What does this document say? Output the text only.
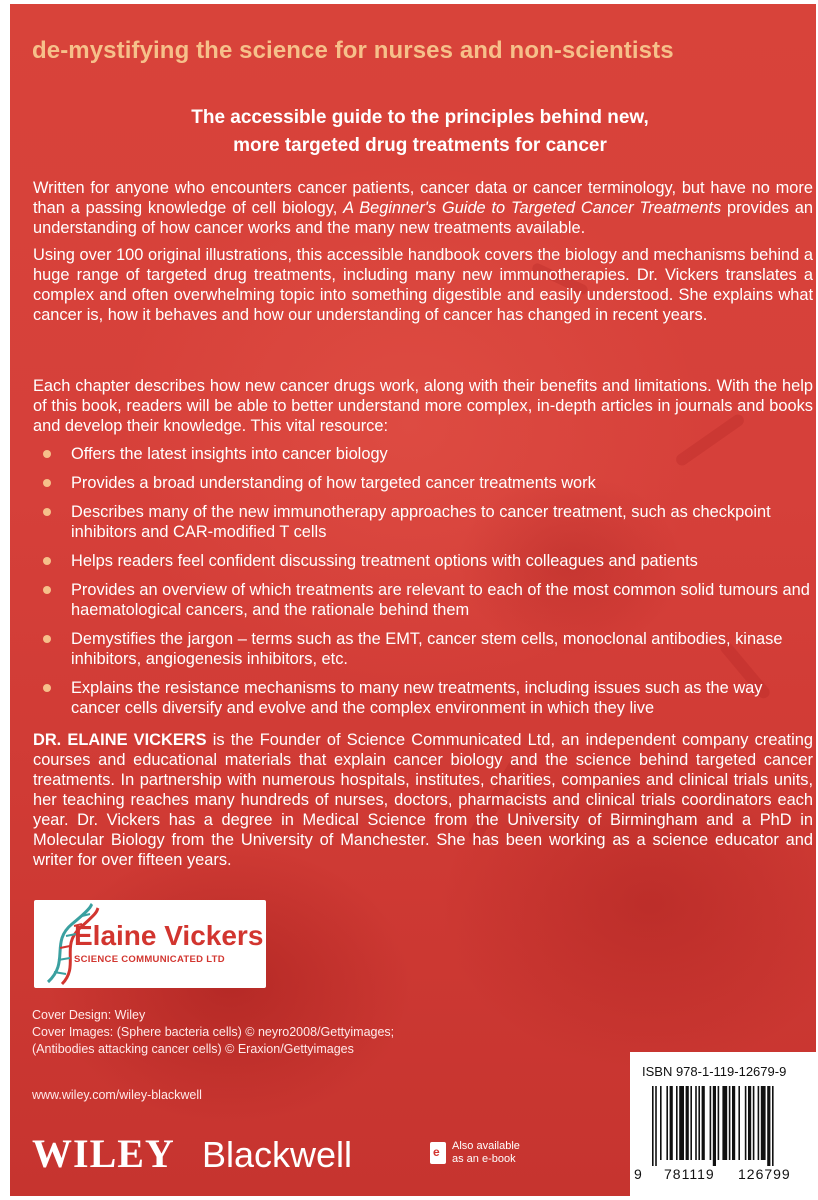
de-mystifying the science for nurses and non-scientists
The accessible guide to the principles behind new,
more targeted drug treatments for cancer

Written for anyone who encounters cancer patients, cancer data or cancer terminology, but have no more than a passing knowledge of cell biology, A Beginner's Guide to Targeted Cancer Treatments provides an understanding of how cancer works and the many new treatments available.

Using over 100 original illustrations, this accessible handbook covers the biology and mechanisms behind a huge range of targeted drug treatments, including many new immunotherapies. Dr. Vickers translates a complex and often overwhelming topic into something digestible and easily understood. She explains what cancer is, how it behaves and how our understanding of cancer has changed in recent years.

Each chapter describes how new cancer drugs work, along with their benefits and limitations. With the help of this book, readers will be able to better understand more complex, in-depth articles in journals and books and develop their knowledge. This vital resource:

Offers the latest insights into cancer biology
Provides a broad understanding of how targeted cancer treatments work
Describes many of the new immunotherapy approaches to cancer treatment, such as checkpoint inhibitors and CAR-modified T cells
Helps readers feel confident discussing treatment options with colleagues and patients
Provides an overview of which treatments are relevant to each of the most common solid tumours and haematological cancers, and the rationale behind them
Demystifies the jargon – terms such as the EMT, cancer stem cells, monoclonal antibodies, kinase inhibitors, angiogenesis inhibitors, etc.
Explains the resistance mechanisms to many new treatments, including issues such as the way cancer cells diversify and evolve and the complex environment in which they live

DR. ELAINE VICKERS is the Founder of Science Communicated Ltd, an independent company creating courses and educational materials that explain cancer biology and the science behind targeted cancer treatments. In partnership with numerous hospitals, institutes, charities, companies and clinical trials units, her teaching reaches many hundreds of nurses, doctors, pharmacists and clinical trials coordinators each year. Dr. Vickers has a degree in Medical Science from the University of Birmingham and a PhD in Molecular Biology from the University of Manchester. She has been working as a science educator and writer for over fifteen years.

Elaine Vickers
SCIENCE COMMUNICATED LTD
Cover Design: Wiley
Cover Images: (Sphere bacteria cells) © neyro2008/Gettyimages;
(Antibodies attacking cancer cells) © Eraxion/Gettyimages
www.wiley.com/wiley-blackwell
WILEY Blackwell	e Also available as an e-book
ISBN 978-1-119-12679-9
9 781119 126799
